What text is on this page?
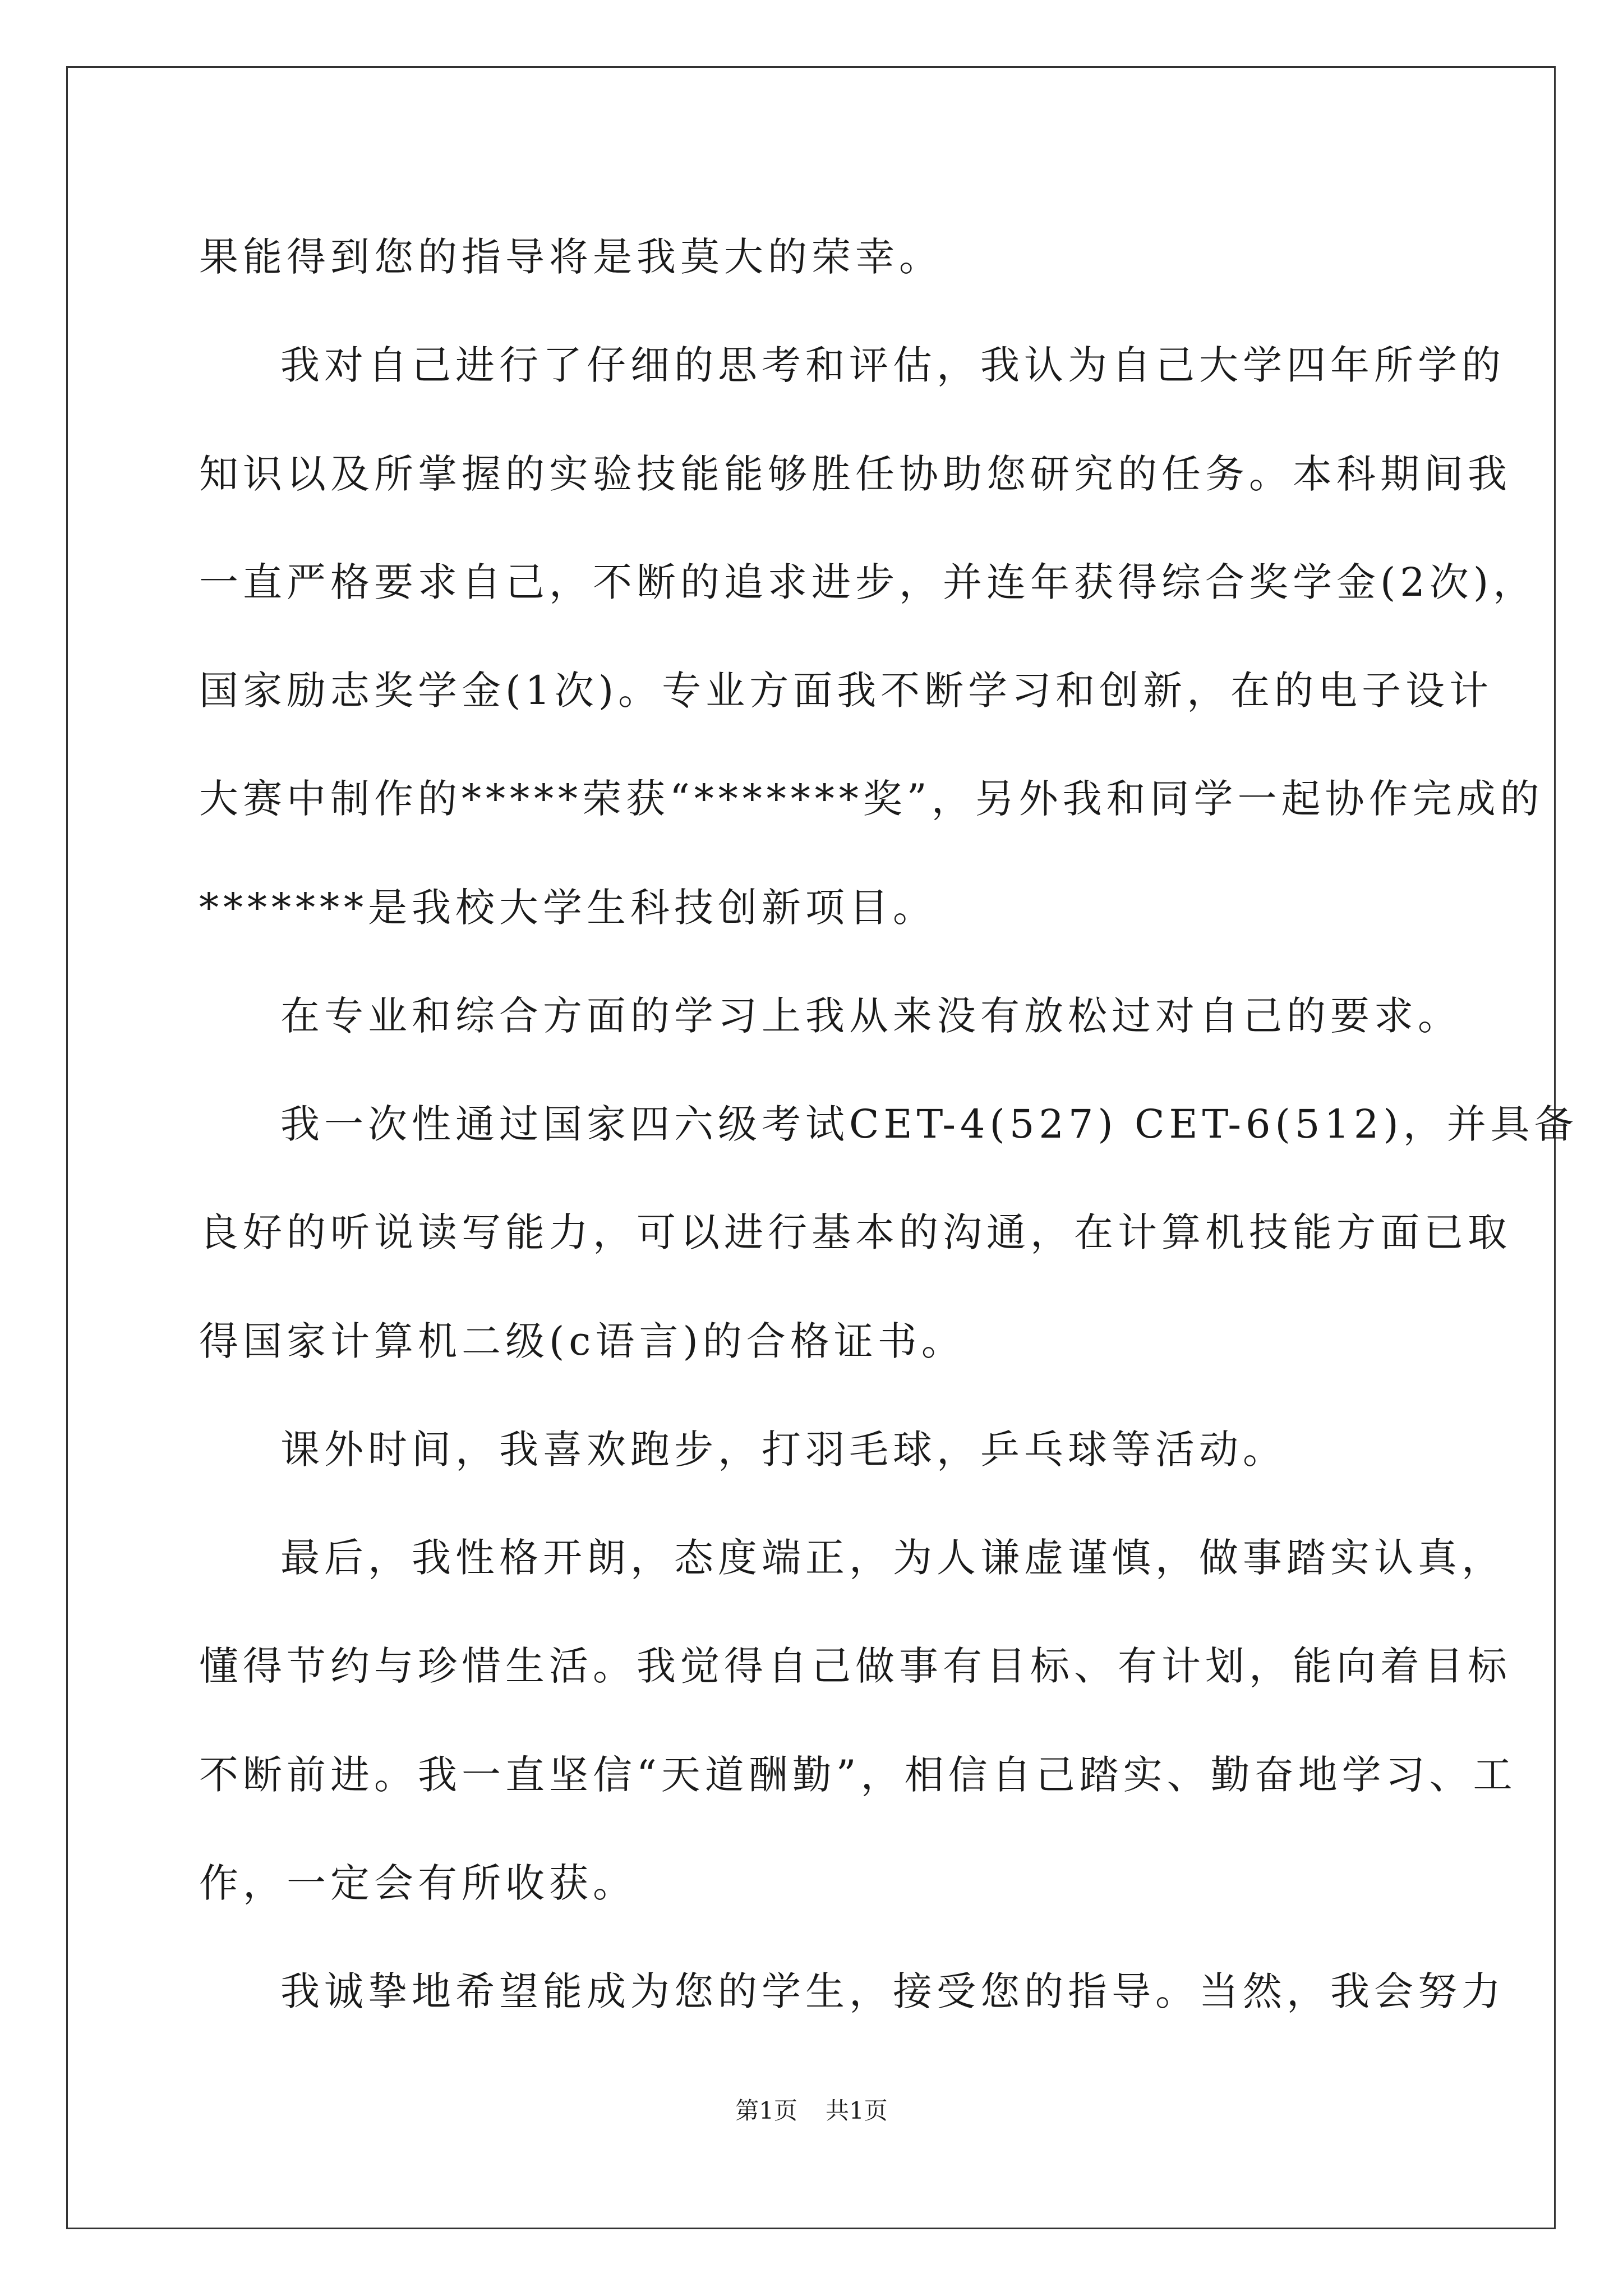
果能得到您的指导将是我莫大的荣幸。
我对自己进行了仔细的思考和评估，我认为自己大学四年所学的
知识以及所掌握的实验技能能够胜任协助您研究的任务。本科期间我
一直严格要求自己，不断的追求进步，并连年获得综合奖学金(2次)，
国家励志奖学金(1次)。专业方面我不断学习和创新，在的电子设计
大赛中制作的*****荣获“*******奖”，另外我和同学一起协作完成的
*******是我校大学生科技创新项目。
在专业和综合方面的学习上我从来没有放松过对自己的要求。
我一次性通过国家四六级考试CET-4(527) CET-6(512)，并具备
良好的听说读写能力，可以进行基本的沟通，在计算机技能方面已取
得国家计算机二级(c语言)的合格证书。
课外时间，我喜欢跑步，打羽毛球，乒乓球等活动。
最后，我性格开朗，态度端正，为人谦虚谨慎，做事踏实认真，
懂得节约与珍惜生活。我觉得自己做事有目标、有计划，能向着目标
不断前进。我一直坚信“天道酬勤”，相信自己踏实、勤奋地学习、工
作，一定会有所收获。
我诚挚地希望能成为您的学生，接受您的指导。当然，我会努力
第1页 共1页
